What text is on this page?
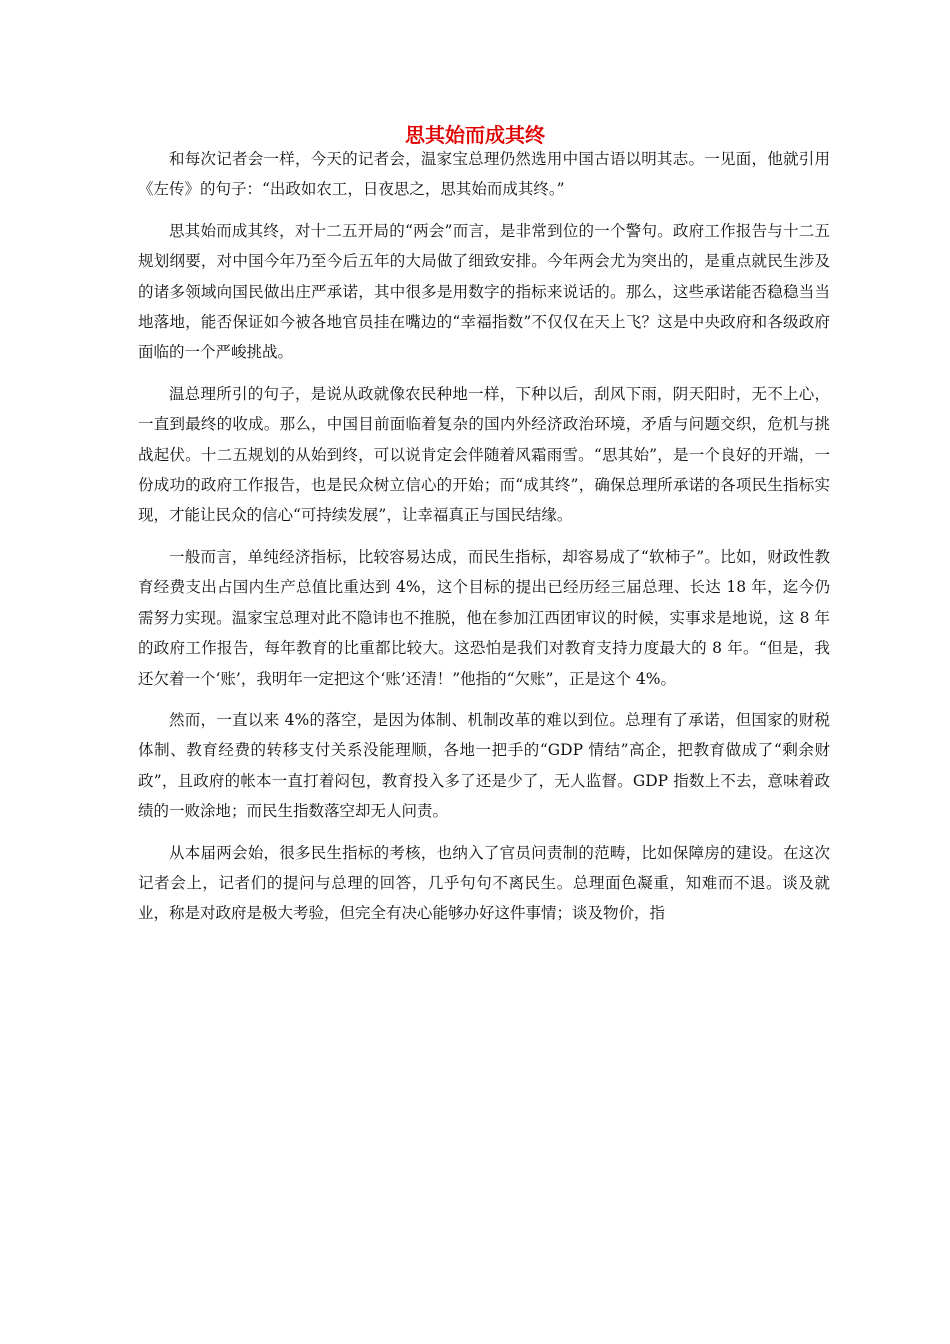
思其始而成其终

和每次记者会一样，今天的记者会，温家宝总理仍然选用中国古语以明其志。一见面，他就引用《左传》的句子：“出政如农工，日夜思之，思其始而成其终。”

思其始而成其终，对十二五开局的“两会”而言，是非常到位的一个警句。政府工作报告与十二五规划纲要，对中国今年乃至今后五年的大局做了细致安排。今年两会尤为突出的，是重点就民生涉及的诸多领域向国民做出庄严承诺，其中很多是用数字的指标来说话的。那么，这些承诺能否稳稳当当地落地，能否保证如今被各地官员挂在嘴边的“幸福指数”不仅仅在天上飞？这是中央政府和各级政府面临的一个严峻挑战。

温总理所引的句子，是说从政就像农民种地一样，下种以后，刮风下雨，阴天阳时，无不上心，一直到最终的收成。那么，中国目前面临着复杂的国内外经济政治环境，矛盾与问题交织，危机与挑战起伏。十二五规划的从始到终，可以说肯定会伴随着风霜雨雪。“思其始”，是一个良好的开端，一份成功的政府工作报告，也是民众树立信心的开始；而“成其终”，确保总理所承诺的各项民生指标实现，才能让民众的信心“可持续发展”，让幸福真正与国民结缘。

一般而言，单纯经济指标，比较容易达成，而民生指标，却容易成了“软柿子”。比如，财政性教育经费支出占国内生产总值比重达到 4%，这个目标的提出已经历经三届总理、长达 18 年，迄今仍需努力实现。温家宝总理对此不隐讳也不推脱，他在参加江西团审议的时候，实事求是地说，这 8 年的政府工作报告，每年教育的比重都比较大。这恐怕是我们对教育支持力度最大的 8 年。“但是，我还欠着一个‘账’，我明年一定把这个‘账’还清！”他指的“欠账”，正是这个 4%。

然而，一直以来 4%的落空，是因为体制、机制改革的难以到位。总理有了承诺，但国家的财税体制、教育经费的转移支付关系没能理顺，各地一把手的“GDP 情结”高企，把教育做成了“剩余财政”，且政府的帐本一直打着闷包，教育投入多了还是少了，无人监督。GDP 指数上不去，意味着政绩的一败涂地；而民生指数落空却无人问责。

从本届两会始，很多民生指标的考核，也纳入了官员问责制的范畴，比如保障房的建设。在这次记者会上，记者们的提问与总理的回答，几乎句句不离民生。总理面色凝重，知难而不退。谈及就业，称是对政府是极大考验，但完全有决心能够办好这件事情；谈及物价，指
